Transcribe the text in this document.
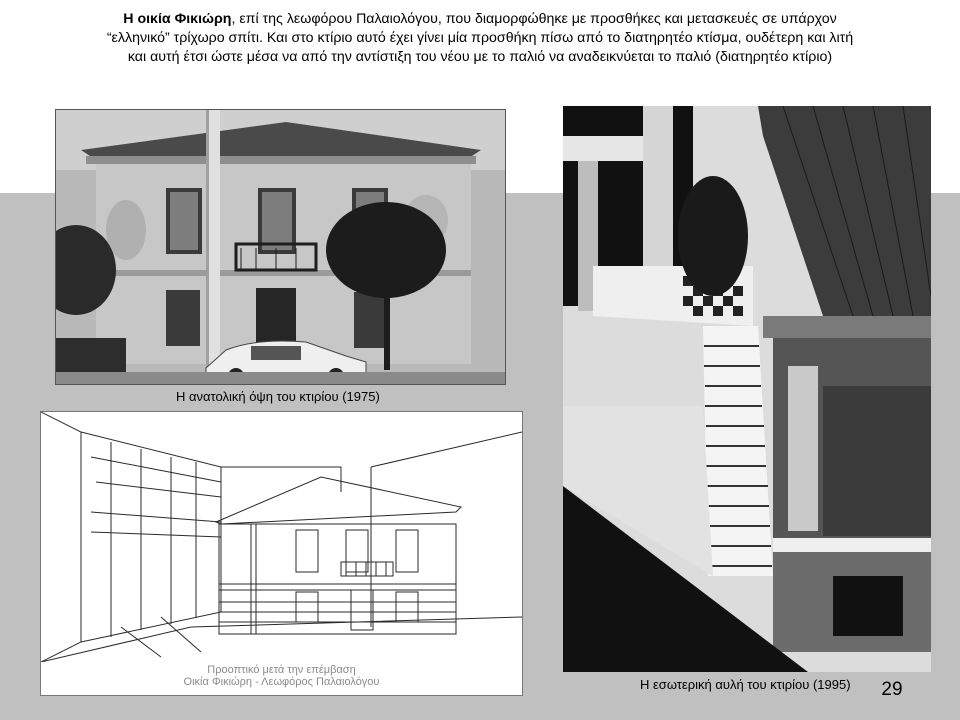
Η οικία Φικιώρη, επί της λεωφόρου Παλαιολόγου, που διαμορφώθηκε με προσθήκες και μετασκευές σε υπάρχον
“ελληνικό” τρίχωρο σπίτι. Και στο κτίριο αυτό έχει γίνει μία προσθήκη πίσω από το διατηρητέο κτίσμα, ουδέτερη και λιτή
και αυτή έτσι ώστε μέσα να από την αντίστιξη του νέου με το παλιό να αναδεικνύεται το παλιό (διατηρητέο κτίριο)
Η ανατολική όψη του κτιρίου (1975)
Η εσωτερική αυλή του κτιρίου (1995)
Προοπτικό μετά την επέμβαση
Οικία Φικιώρη - Λεωφόρος Παλαιολόγου	29
